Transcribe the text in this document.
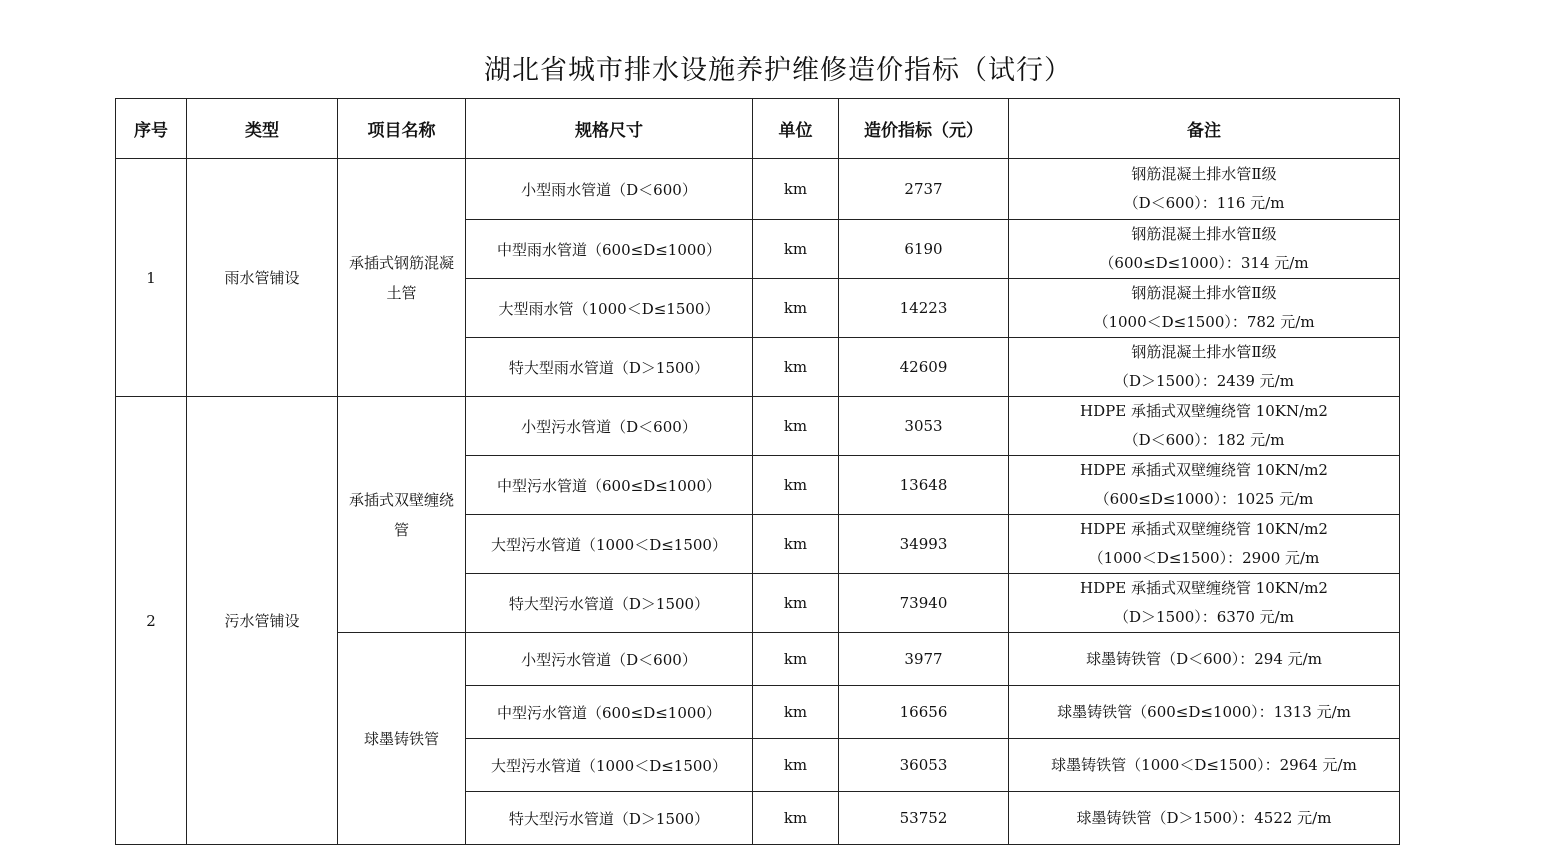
湖北省城市排水设施养护维修造价指标（试行）
序号	类型	项目名称	规格尺寸	单位	造价指标（元）	备注
1	雨水管铺设	承插式钢筋混凝土管	小型雨水管道（D＜600）	km	2737	钢筋混凝土排水管Ⅱ级
（D＜600）：116 元/m

			中型雨水管道（600≤D≤1000）	km	6190	钢筋混凝土排水管Ⅱ级
（600≤D≤1000）：314 元/m

			大型雨水管（1000＜D≤1500）	km	14223	钢筋混凝土排水管Ⅱ级
（1000＜D≤1500）：782 元/m

			特大型雨水管道（D＞1500）	km	42609	钢筋混凝土排水管Ⅱ级
（D＞1500）：2439 元/m

2	污水管铺设	承插式双壁缠绕管	小型污水管道（D＜600）	km	3053	HDPE 承插式双壁缠绕管 10KN/m2
（D＜600）：182 元/m

			中型污水管道（600≤D≤1000）	km	13648	HDPE 承插式双壁缠绕管 10KN/m2
（600≤D≤1000）：1025 元/m

			大型污水管道（1000＜D≤1500）	km	34993	HDPE 承插式双壁缠绕管 10KN/m2
（1000＜D≤1500）：2900 元/m

			特大型污水管道（D＞1500）	km	73940	HDPE 承插式双壁缠绕管 10KN/m2
（D＞1500）：6370 元/m

		球墨铸铁管	小型污水管道（D＜600）	km	3977	球墨铸铁管（D＜600）：294 元/m

			中型污水管道（600≤D≤1000）	km	16656	球墨铸铁管（600≤D≤1000）：1313 元/m

			大型污水管道（1000＜D≤1500）	km	36053	球墨铸铁管（1000＜D≤1500）：2964 元/m

			特大型污水管道（D＞1500）	km	53752	球墨铸铁管（D＞1500）：4522 元/m
